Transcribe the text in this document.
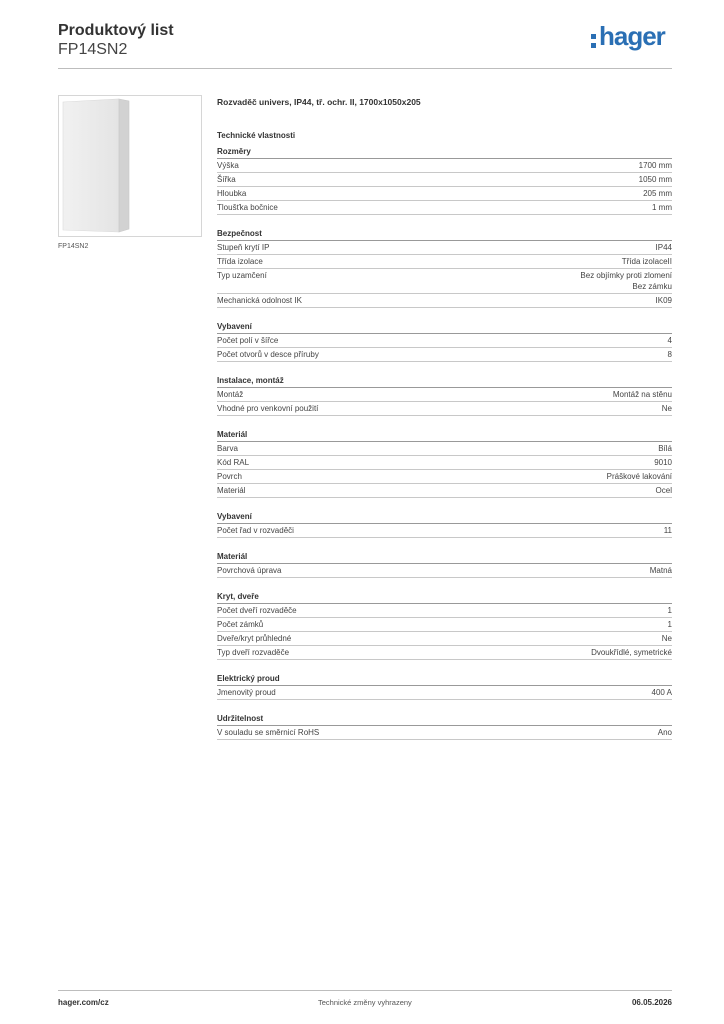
Produktový list
FP14SN2	hager
FP14SN2
Rozvaděč univers, IP44, tř. ochr. II, 1700x1050x205
Technické vlastnosti
Rozměry
Výška	1700 mm
Šířka	1050 mm
Hloubka	205 mm
Tloušťka bočnice	1 mm
Bezpečnost
Stupeň krytí IP	IP44
Třída izolace	Třída izolaceII
Typ uzamčení	Bez objímky proti zlomení
Bez zámku
Mechanická odolnost IK	IK09
Vybavení
Počet polí v šířce	4
Počet otvorů v desce příruby	8
Instalace, montáž
Montáž	Montáž na stěnu
Vhodné pro venkovní použití	Ne
Materiál
Barva	Bílá
Kód RAL	9010
Povrch	Práškové lakování
Materiál	Ocel
Vybavení
Počet řad v rozvaděči	11
Materiál
Povrchová úprava	Matná
Kryt, dveře
Počet dveří rozvaděče	1
Počet zámků	1
Dveře/kryt průhledné	Ne
Typ dveří rozvaděče	Dvoukřídlé, symetrické
Elektrický proud
Jmenovitý proud	400 A
Udržitelnost
V souladu se směrnicí RoHS	Ano
hager.com/cz	Technické změny vyhrazeny	06.05.2026
